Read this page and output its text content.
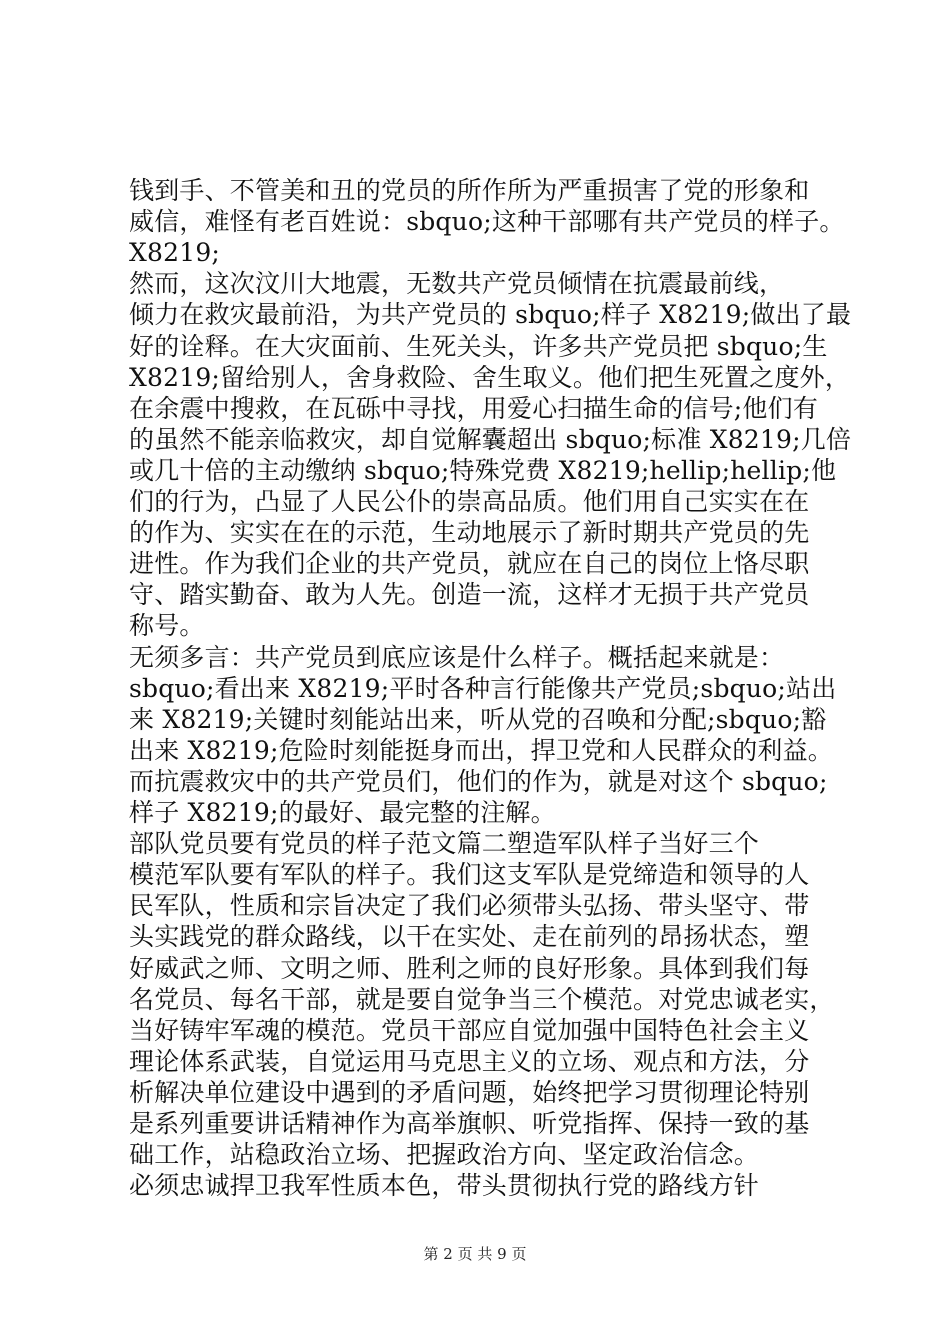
钱到手、不管美和丑的党员的所作所为严重损害了党的形象和
威信，难怪有老百姓说：sbquo;这种干部哪有共产党员的样子。
X8219;
然而，这次汶川大地震，无数共产党员倾情在抗震最前线，
倾力在救灾最前沿，为共产党员的 sbquo;样子 X8219;做出了最
好的诠释。在大灾面前、生死关头，许多共产党员把 sbquo;生
X8219;留给别人，舍身救险、舍生取义。他们把生死置之度外，
在余震中搜救，在瓦砾中寻找，用爱心扫描生命的信号;他们有
的虽然不能亲临救灾，却自觉解囊超出 sbquo;标准 X8219;几倍
或几十倍的主动缴纳 sbquo;特殊党费 X8219;hellip;hellip;他
们的行为，凸显了人民公仆的崇高品质。他们用自己实实在在
的作为、实实在在的示范，生动地展示了新时期共产党员的先
进性。作为我们企业的共产党员，就应在自己的岗位上恪尽职
守、踏实勤奋、敢为人先。创造一流，这样才无损于共产党员
称号。
无须多言：共产党员到底应该是什么样子。概括起来就是：
sbquo;看出来 X8219;平时各种言行能像共产党员;sbquo;站出
来 X8219;关键时刻能站出来，听从党的召唤和分配;sbquo;豁
出来 X8219;危险时刻能挺身而出，捍卫党和人民群众的利益。
而抗震救灾中的共产党员们，他们的作为，就是对这个 sbquo;
样子 X8219;的最好、最完整的注解。
部队党员要有党员的样子范文篇二塑造军队样子当好三个
模范军队要有军队的样子。我们这支军队是党缔造和领导的人
民军队，性质和宗旨决定了我们必须带头弘扬、带头坚守、带
头实践党的群众路线，以干在实处、走在前列的昂扬状态，塑
好威武之师、文明之师、胜利之师的良好形象。具体到我们每
名党员、每名干部，就是要自觉争当三个模范。对党忠诚老实，
当好铸牢军魂的模范。党员干部应自觉加强中国特色社会主义
理论体系武装，自觉运用马克思主义的立场、观点和方法，分
析解决单位建设中遇到的矛盾问题，始终把学习贯彻理论特别
是系列重要讲话精神作为高举旗帜、听党指挥、保持一致的基
础工作，站稳政治立场、把握政治方向、坚定政治信念。
必须忠诚捍卫我军性质本色，带头贯彻执行党的路线方针
第 2 页 共 9 页
